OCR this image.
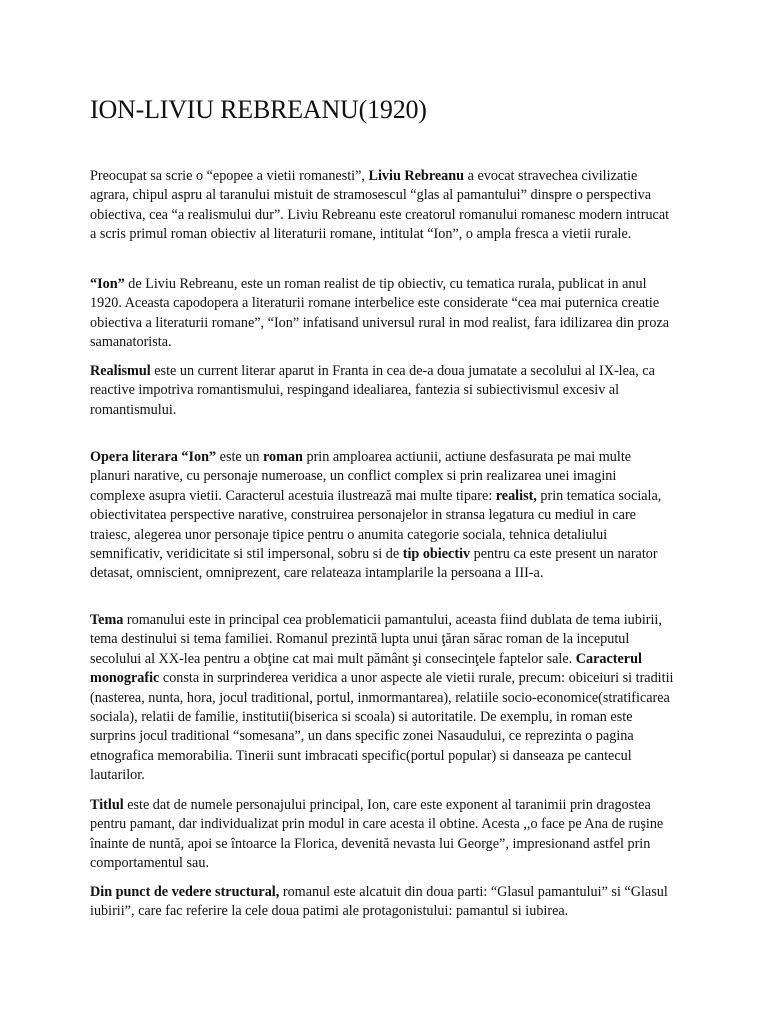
ION-LIVIU REBREANU(1920)

Preocupat sa scrie o “epopee a vietii romanesti”, Liviu Rebreanu a evocat stravechea civilizatie agrara, chipul aspru al taranului mistuit de stramosescul “glas al pamantului” dinspre o perspectiva obiectiva, cea “a realismului dur”. Liviu Rebreanu este creatorul romanului romanesc modern intrucat a scris primul roman obiectiv al literaturii romane, intitulat “Ion”, o ampla fresca a vietii rurale.

“Ion” de Liviu Rebreanu, este un roman realist de tip obiectiv, cu tematica rurala, publicat in anul 1920. Aceasta capodopera a literaturii romane interbelice este considerate “cea mai puternica creatie obiectiva a literaturii romane”, “Ion” infatisand universul rural in mod realist, fara idilizarea din proza samanatorista.

Realismul este un current literar aparut in Franta in cea de-a doua jumatate a secolului al IX-lea, ca reactive impotriva romantismului, respingand idealiarea, fantezia si subiectivismul excesiv al romantismului.

Opera literara “Ion” este un roman prin amploarea actiunii, actiune desfasurata pe mai multe planuri narative, cu personaje numeroase, un conflict complex si prin realizarea unei imagini complexe asupra vietii. Caracterul acestuia ilustrează mai multe tipare: realist, prin tematica sociala, obiectivitatea perspective narative, construirea personajelor in stransa legatura cu mediul in care traiesc, alegerea unor personaje tipice pentru o anumita categorie sociala, tehnica detaliului semnificativ, veridicitate si stil impersonal, sobru si de tip obiectiv pentru ca este present un narator detasat, omniscient, omniprezent, care relateaza intamplarile la persoana a III-a.

Tema romanului este in principal cea problematicii pamantului, aceasta fiind dublata de tema iubirii, tema destinului si tema familiei. Romanul prezintă lupta unui ţăran sărac roman de la inceputul secolului al XX-lea pentru a obţine cat mai mult pământ şi consecinţele faptelor sale. Caracterul monografic consta in surprinderea veridica a unor aspecte ale vietii rurale, precum: obiceiuri si traditii (nasterea, nunta, hora, jocul traditional, portul, inmormantarea), relatiile socio-economice(stratificarea sociala), relatii de familie, institutii(biserica si scoala) si autoritatile. De exemplu, in roman este surprins jocul traditional “somesana”, un dans specific zonei Nasaudului, ce reprezinta o pagina etnografica memorabilia. Tinerii sunt imbracati specific(portul popular) si danseaza pe cantecul lautarilor.

Titlul este dat de numele personajului principal, Ion, care este exponent al taranimii prin dragostea pentru pamant, dar individualizat prin modul in care acesta il obtine. Acesta ,,o face pe Ana de ruşine înainte de nuntă, apoi se întoarce la Florica, devenită nevasta lui George”, impresionand astfel prin comportamentul sau.

Din punct de vedere structural, romanul este alcatuit din doua parti: “Glasul pamantului” si “Glasul iubirii”, care fac referire la cele doua patimi ale protagonistului: pamantul si iubirea.
